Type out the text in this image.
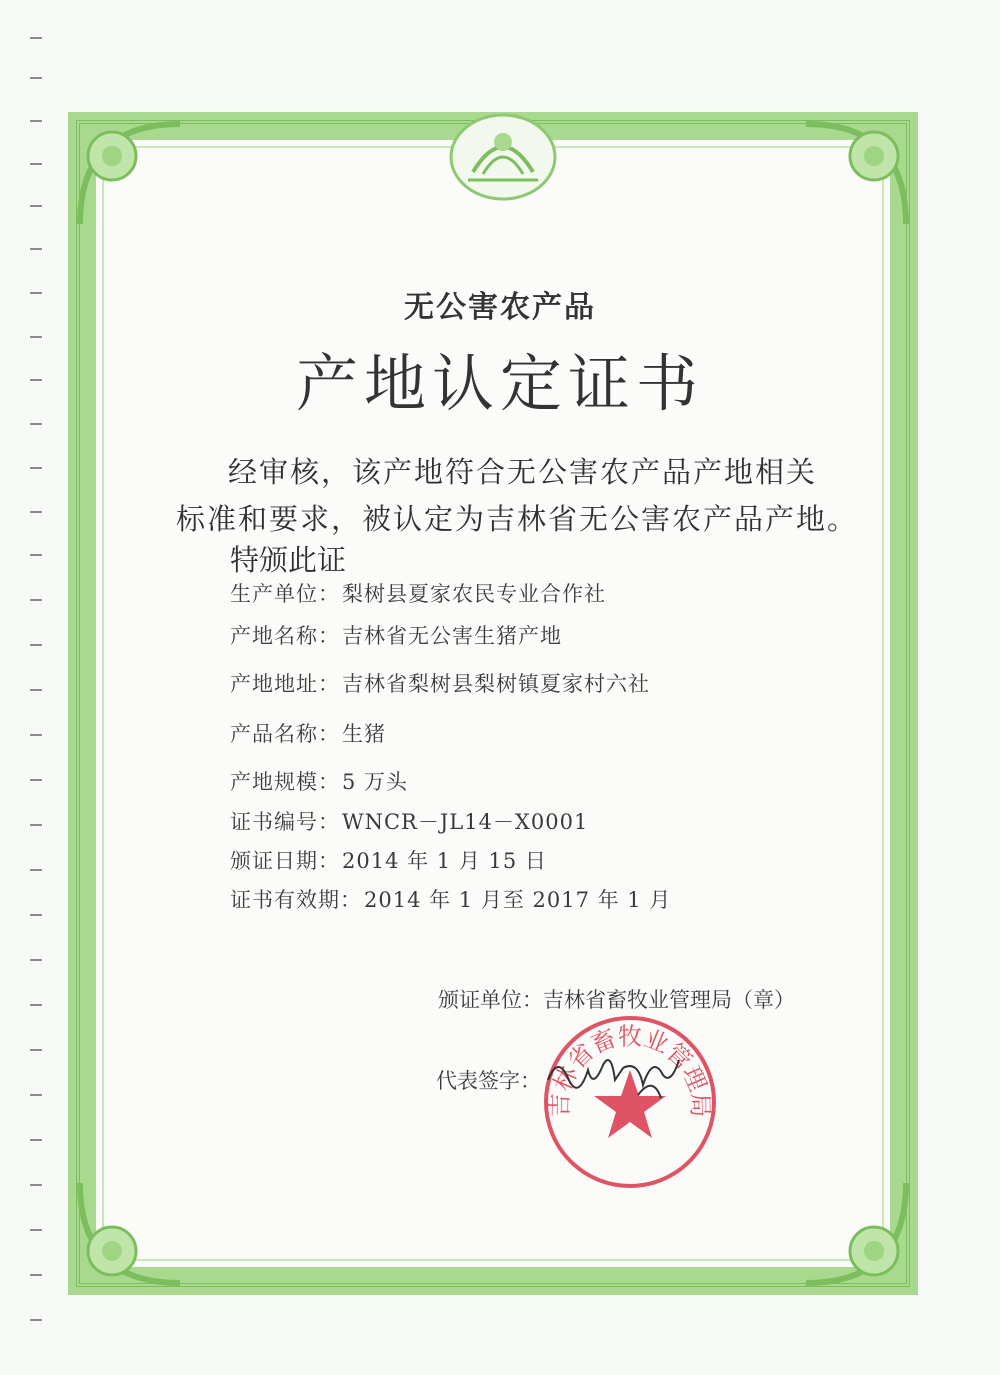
无公害农产品
产地认定证书
经审核，该产地符合无公害农产品产地相关
标准和要求，被认定为吉林省无公害农产品产地。
特颁此证
生产单位：梨树县夏家农民专业合作社
产地名称：吉林省无公害生猪产地
产地地址：吉林省梨树县梨树镇夏家村六社
产品名称：生猪
产地规模：5 万头
证书编号：WNCR－JL14－X0001
颁证日期：2014 年 1 月 15 日
证书有效期：2014 年 1 月至 2017 年 1 月
颁证单位：吉林省畜牧业管理局（章）
代表签字：
吉林省畜牧业管理局
